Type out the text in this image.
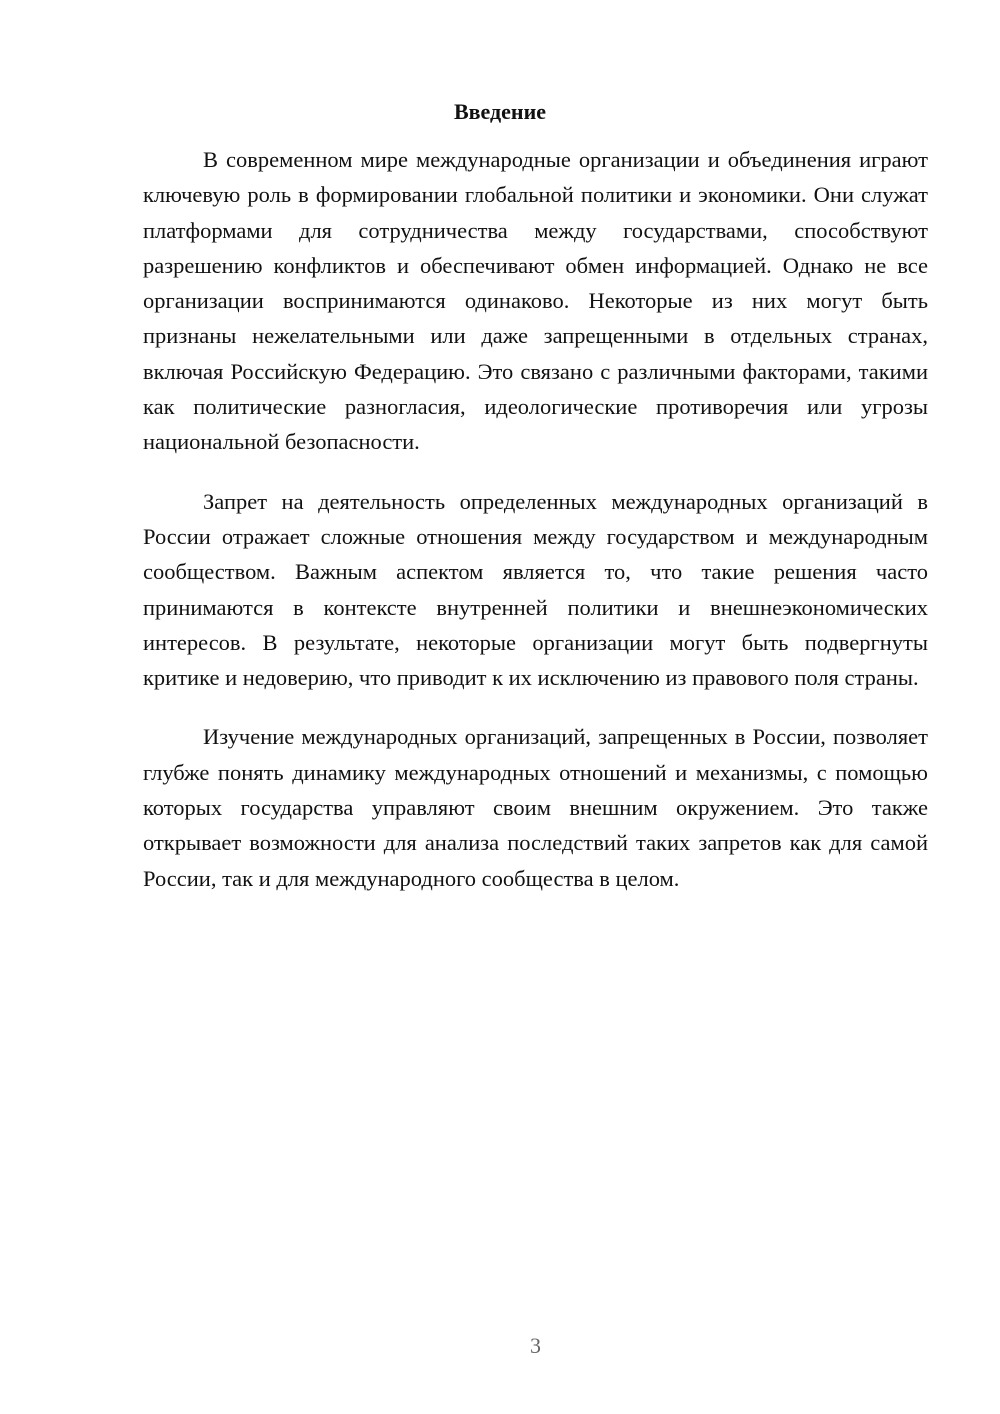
Введение

В современном мире международные организации и объединения играют ключевую роль в формировании глобальной политики и экономики. Они служат платформами для сотрудничества между государствами, способствуют разрешению конфликтов и обеспечивают обмен информацией. Однако не все организации воспринимаются одинаково. Некоторые из них могут быть признаны нежелательными или даже запрещенными в отдельных странах, включая Российскую Федерацию. Это связано с различными факторами, такими как политические разногласия, идеологические противоречия или угрозы национальной безопасности.

Запрет на деятельность определенных международных организаций в России отражает сложные отношения между государством и международным сообществом. Важным аспектом является то, что такие решения часто принимаются в контексте внутренней политики и внешнеэкономических интересов. В результате, некоторые организации могут быть подвергнуты критике и недоверию, что приводит к их исключению из правового поля страны.

Изучение международных организаций, запрещенных в России, позволяет глубже понять динамику международных отношений и механизмы, с помощью которых государства управляют своим внешним окружением. Это также открывает возможности для анализа последствий таких запретов как для самой России, так и для международного сообщества в целом.

3
